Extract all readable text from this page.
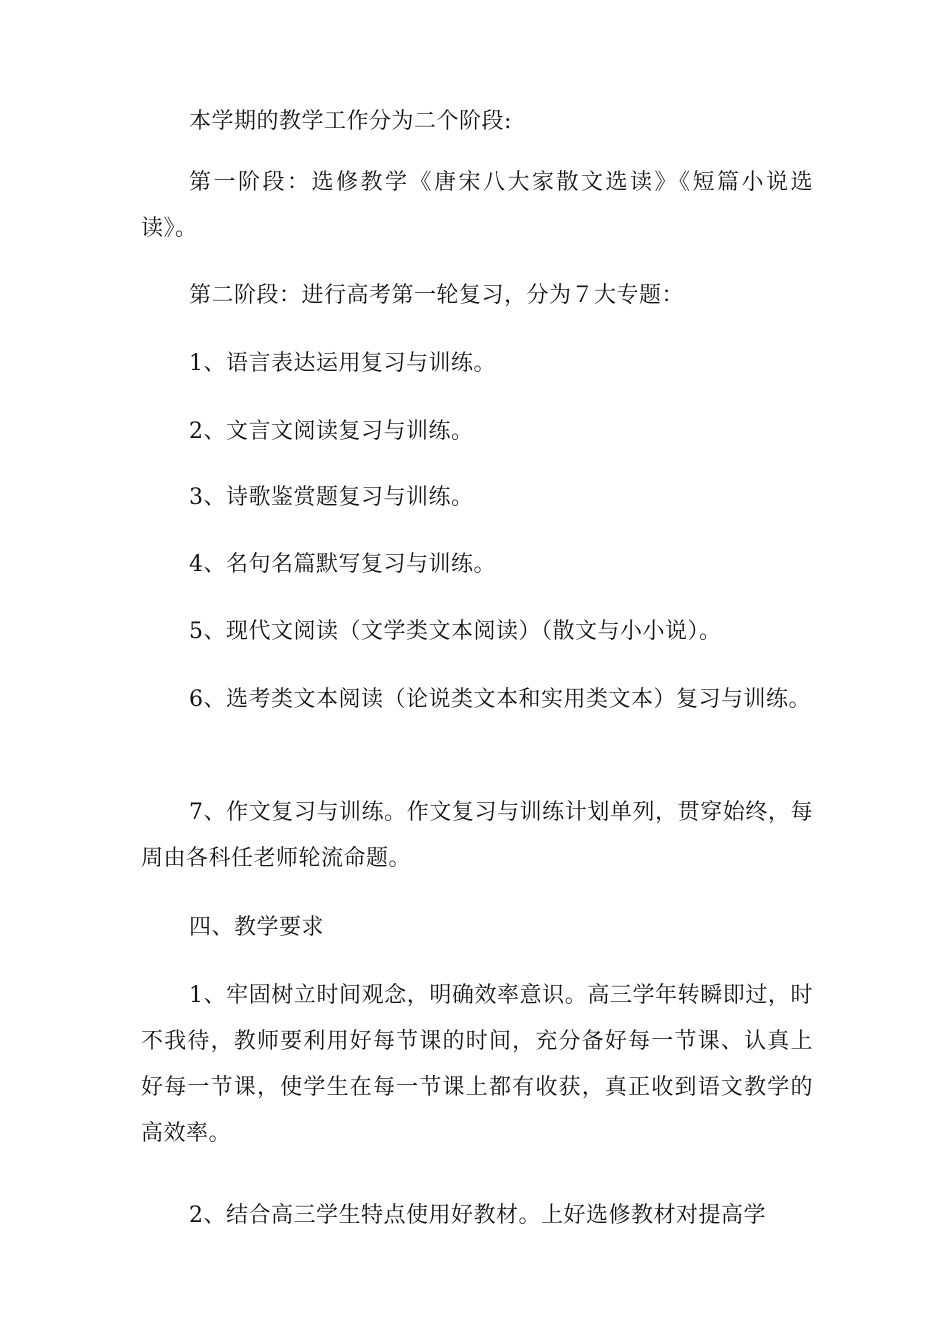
本学期的教学工作分为二个阶段:

第一阶段：选修教学《唐宋八大家散文选读》《短篇小说选读》。

第二阶段：进行高考第一轮复习，分为７大专题：

1、语言表达运用复习与训练。

2、文言文阅读复习与训练。

3、诗歌鉴赏题复习与训练。

4、名句名篇默写复习与训练。

5、现代文阅读（文学类文本阅读）（散文与小小说）。

6、选考类文本阅读（论说类文本和实用类文本）复习与训练。

7、作文复习与训练。作文复习与训练计划单列，贯穿始终，每周由各科任老师轮流命题。

四、教学要求

1、牢固树立时间观念，明确效率意识。高三学年转瞬即过，时不我待，教师要利用好每节课的时间，充分备好每一节课、认真上好每一节课，使学生在每一节课上都有收获，真正收到语文教学的高效率。

2、结合高三学生特点使用好教材。上好选修教材对提高学
